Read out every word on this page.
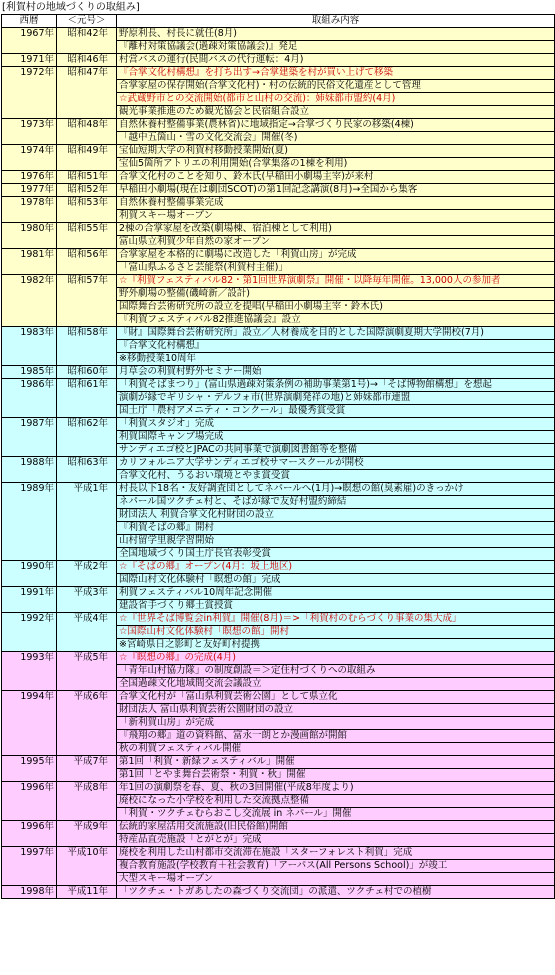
[利賀村の地域づくりの取組み]
西暦	＜元号＞	取組み内容
1967年	昭和42年	野原利長、村長に就任(8月)
		『離村対策協議会(過疎対策協議会)』発足
1971年	昭和46年	村営バスの運行(民間バスの代行運転：4月)
1972年	昭和47年	『合掌文化村構想』を打ち出す→合掌建築を村が買い上げて移築
		合掌家屋の保存開始(合掌文化村)・村の伝統的民俗文化遺産として管理
		☆武蔵野市との交流開始(都市と山村の交流)：姉妹都市盟約(4月)
		観光事業推進のため観光協会と民宿組合設立
1973年	昭和48年	自然休養村整備事業(農林省)に地域指定→合掌づくり民家の移築(4棟)
		「越中五箇山・雪の文化交流会」開催(冬)
1974年	昭和49年	宝仙短期大学の利賀村移動授業開始(夏)
		宝仙5箇所アトリエの利用開始(合掌集落の1棟を利用)
1976年	昭和51年	合掌文化村のことを知り、鈴木氏(早稲田小劇場主宰)が来村
1977年	昭和52年	早稲田小劇場(現在は劇団SCOT)の第1回記念講演(8月)→全国から集客
1978年	昭和53年	自然休養村整備事業完成
		利賀スキー場オープン
1980年	昭和55年	2棟の合掌家屋を改築(劇場棟、宿泊棟として利用)
		富山県立利賀少年自然の家オープン
1981年	昭和56年	合掌家屋を本格的に劇場に改造した「利賀山房」が完成
		「富山県ふるさと芸能祭(利賀村主催)」
1982年	昭和57年	☆『利賀フェスティバル82・第1回世界演劇祭』開催・以降毎年開催。13,000人の参加者
		野外劇場の整備(磯崎新／設計)
		国際舞台芸術研究所の設立を提唱(早稲田小劇場主宰・鈴木氏)
		『利賀フェスティバル82推進協議会』設立
1983年	昭和58年	『財』国際舞台芸術研究所」設立／人材養成を目的とした国際演劇夏期大学開校(7月)
		『合掌文化村構想』
		※移動授業10周年
1985年	昭和60年	月草会の利賀村野外セミナー開始
1986年	昭和61年	「利賀そばまつり」(富山県過疎対策条例の補助事業第1号)→「そば博物館構想」を想起
		演劇が縁でギリシャ・デルフォ市(世界演劇発祥の地)と姉妹都市連盟
		国土庁「農村アメニティ・コンクール」最優秀賞受賞
1987年	昭和62年	「利賀スタジオ」完成
		利賀国際キャンプ場完成
		サンディエゴ校とJPACの共同事業で演劇図書館等を整備
1988年	昭和63年	カリフォルニア大学サンディエゴ校サマースクールが開校
		合掌文化村、うるおい環境とやま賞受賞
1989年	平成1年	村長以下18名・友好調査団としてネパールへ(1月)→瞑想の館(臭素雇)のきっかけ
		ネパール国ツクチェ村と、そばが縁で友好村盟約締結
		財団法人 利賀合掌文化村財団の設立
		『利賀そばの郷』開村
		山村留学里親学習開始
		全国地域づくり国土庁長官表彰受賞
1990年	平成2年	☆『そばの郷』オープン(4月：坂上地区)
		国際山村文化体験村「瞑想の館」完成
1991年	平成3年	利賀フェスティバル10周年記念開催
		建設省手づくり郷土賞授賞
1992年	平成4年	☆『世界そば博覧会in利賀』開催(8月)＝>「利賀村のむらづくり事業の集大成」
		☆国際山村文化体験村「瞑想の館」開村
		※宮崎県日之影町と友好町村提携
1993年	平成5年	☆『瞑想の郷』の完成(4月)
		「青年山村協力隊」の制度創設＝＞定住村づくりへの取組み
		全国過疎文化地域間交流会議設立
1994年	平成6年	合掌文化村が「富山県利賀芸術公園」として県立化
		財団法人 富山県利賀芸術公園財団の設立
		「新利賀山房」が完成
		『飛翔の郷』道の資料館、富永一朗とか漫画館が開館
		秋の利賀フェスティバル開催
1995年	平成7年	第1回「利賀・新緑フェスティバル」開催
		第1回「とやま舞台芸術祭・利賀・秋」開催
1996年	平成8年	年1回の演劇祭を春、夏、秋の3回開催(平成8年度より)
		廃校になった小学校を利用した交流拠点整備
		「利賀・ツクチェむらおこし交流展 in ネパール」開催
1996年	平成9年	伝統的家屋活用交流施設(旧民俗館)開館
		特産品直売施設「とがとが」完成
1997年	平成10年	廃校を利用した山村都市交流滞在施設「スターフォレスト利賀」完成
		複合教育施設(学校教育＋社会教育)「アーパス(All Persons School)」が竣工
		大型スキー場オープン
1998年	平成11年	「ツクチェ・トガあしたの森づくり交流団」の派遣、ツクチェ村での植樹
